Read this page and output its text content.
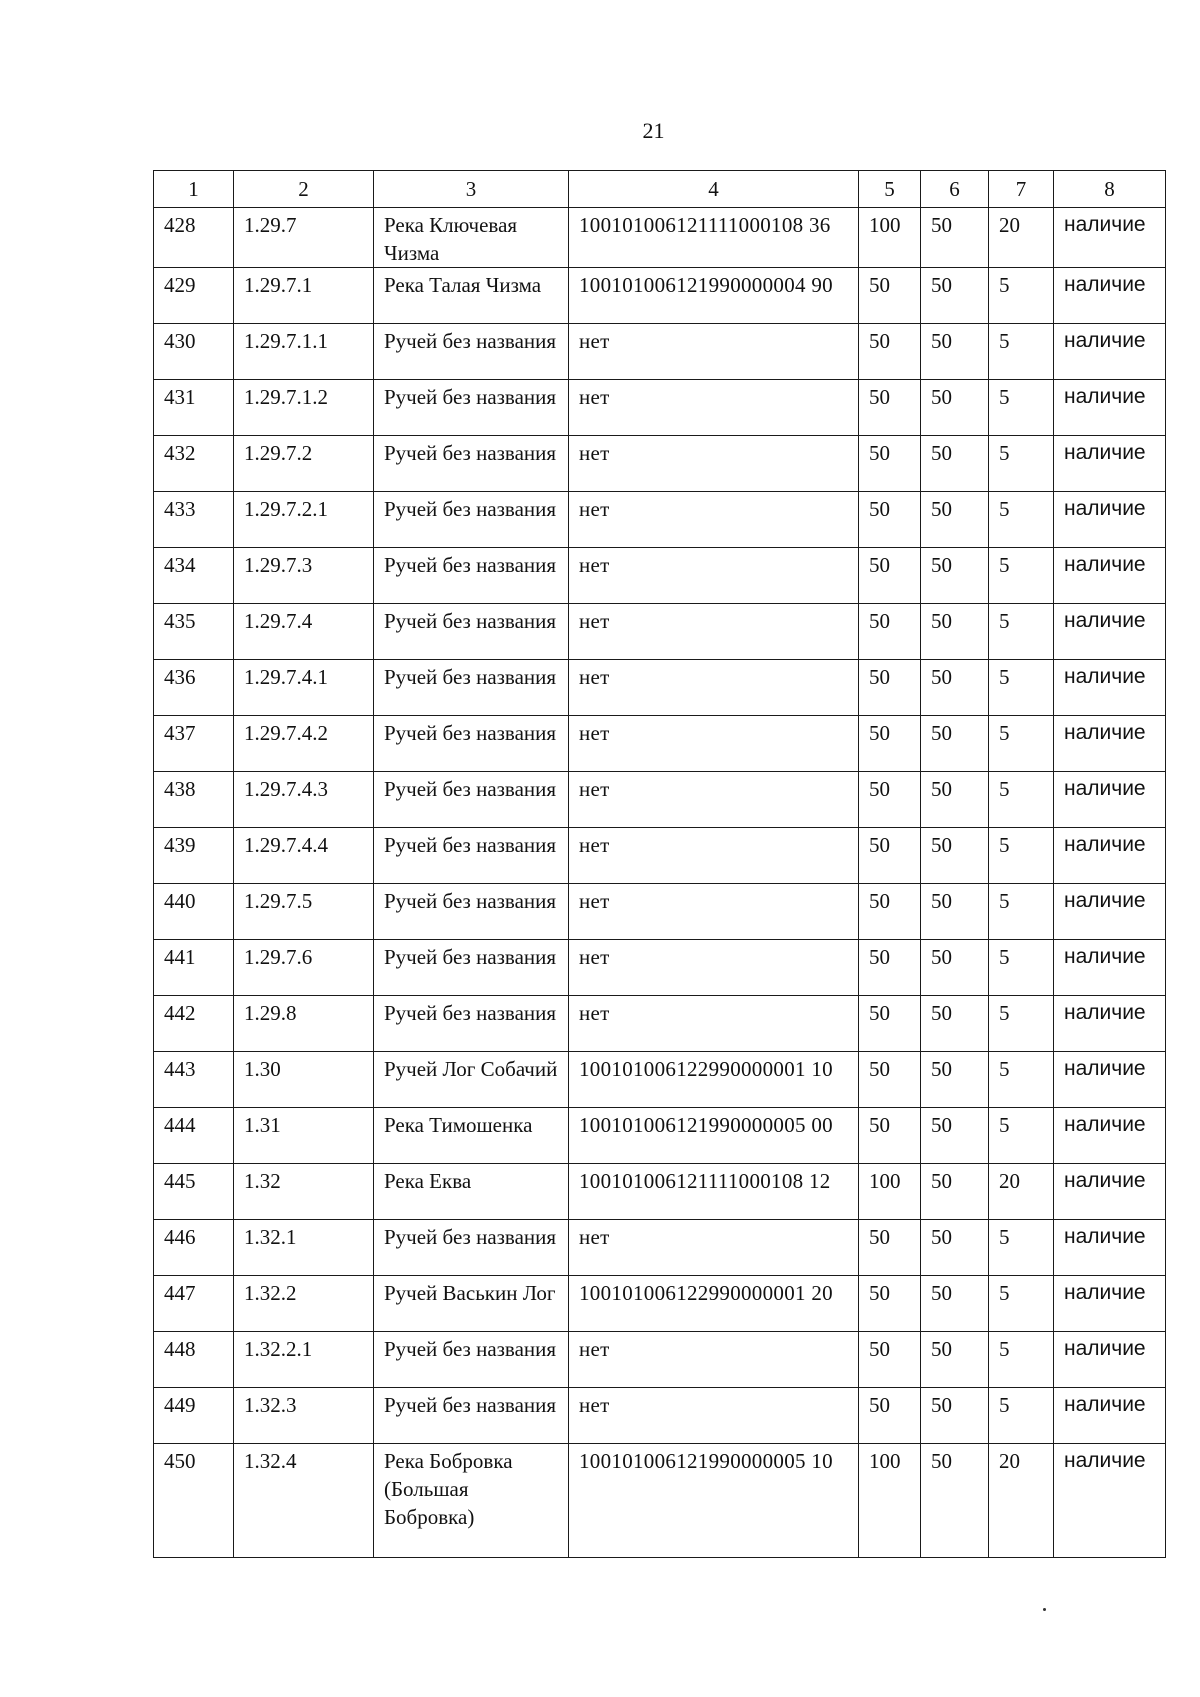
21
1	2	3	4	5	6	7	8
428	1.29.7	Река Ключевая Чизма	100101006121111000108 36	100	50	20	наличие
429	1.29.7.1	Река Талая Чизма	100101006121990000004 90	50	50	5	наличие
430	1.29.7.1.1	Ручей без названия	нет	50	50	5	наличие
431	1.29.7.1.2	Ручей без названия	нет	50	50	5	наличие
432	1.29.7.2	Ручей без названия	нет	50	50	5	наличие
433	1.29.7.2.1	Ручей без названия	нет	50	50	5	наличие
434	1.29.7.3	Ручей без названия	нет	50	50	5	наличие
435	1.29.7.4	Ручей без названия	нет	50	50	5	наличие
436	1.29.7.4.1	Ручей без названия	нет	50	50	5	наличие
437	1.29.7.4.2	Ручей без названия	нет	50	50	5	наличие
438	1.29.7.4.3	Ручей без названия	нет	50	50	5	наличие
439	1.29.7.4.4	Ручей без названия	нет	50	50	5	наличие
440	1.29.7.5	Ручей без названия	нет	50	50	5	наличие
441	1.29.7.6	Ручей без названия	нет	50	50	5	наличие
442	1.29.8	Ручей без названия	нет	50	50	5	наличие
443	1.30	Ручей Лог Собачий	100101006122990000001 10	50	50	5	наличие
444	1.31	Река Тимошенка	100101006121990000005 00	50	50	5	наличие
445	1.32	Река Еква	100101006121111000108 12	100	50	20	наличие
446	1.32.1	Ручей без названия	нет	50	50	5	наличие
447	1.32.2	Ручей Васькин Лог	100101006122990000001 20	50	50	5	наличие
448	1.32.2.1	Ручей без названия	нет	50	50	5	наличие
449	1.32.3	Ручей без названия	нет	50	50	5	наличие
450	1.32.4	Река Бобровка (Большая Бобровка)	100101006121990000005 10	100	50	20	наличие
